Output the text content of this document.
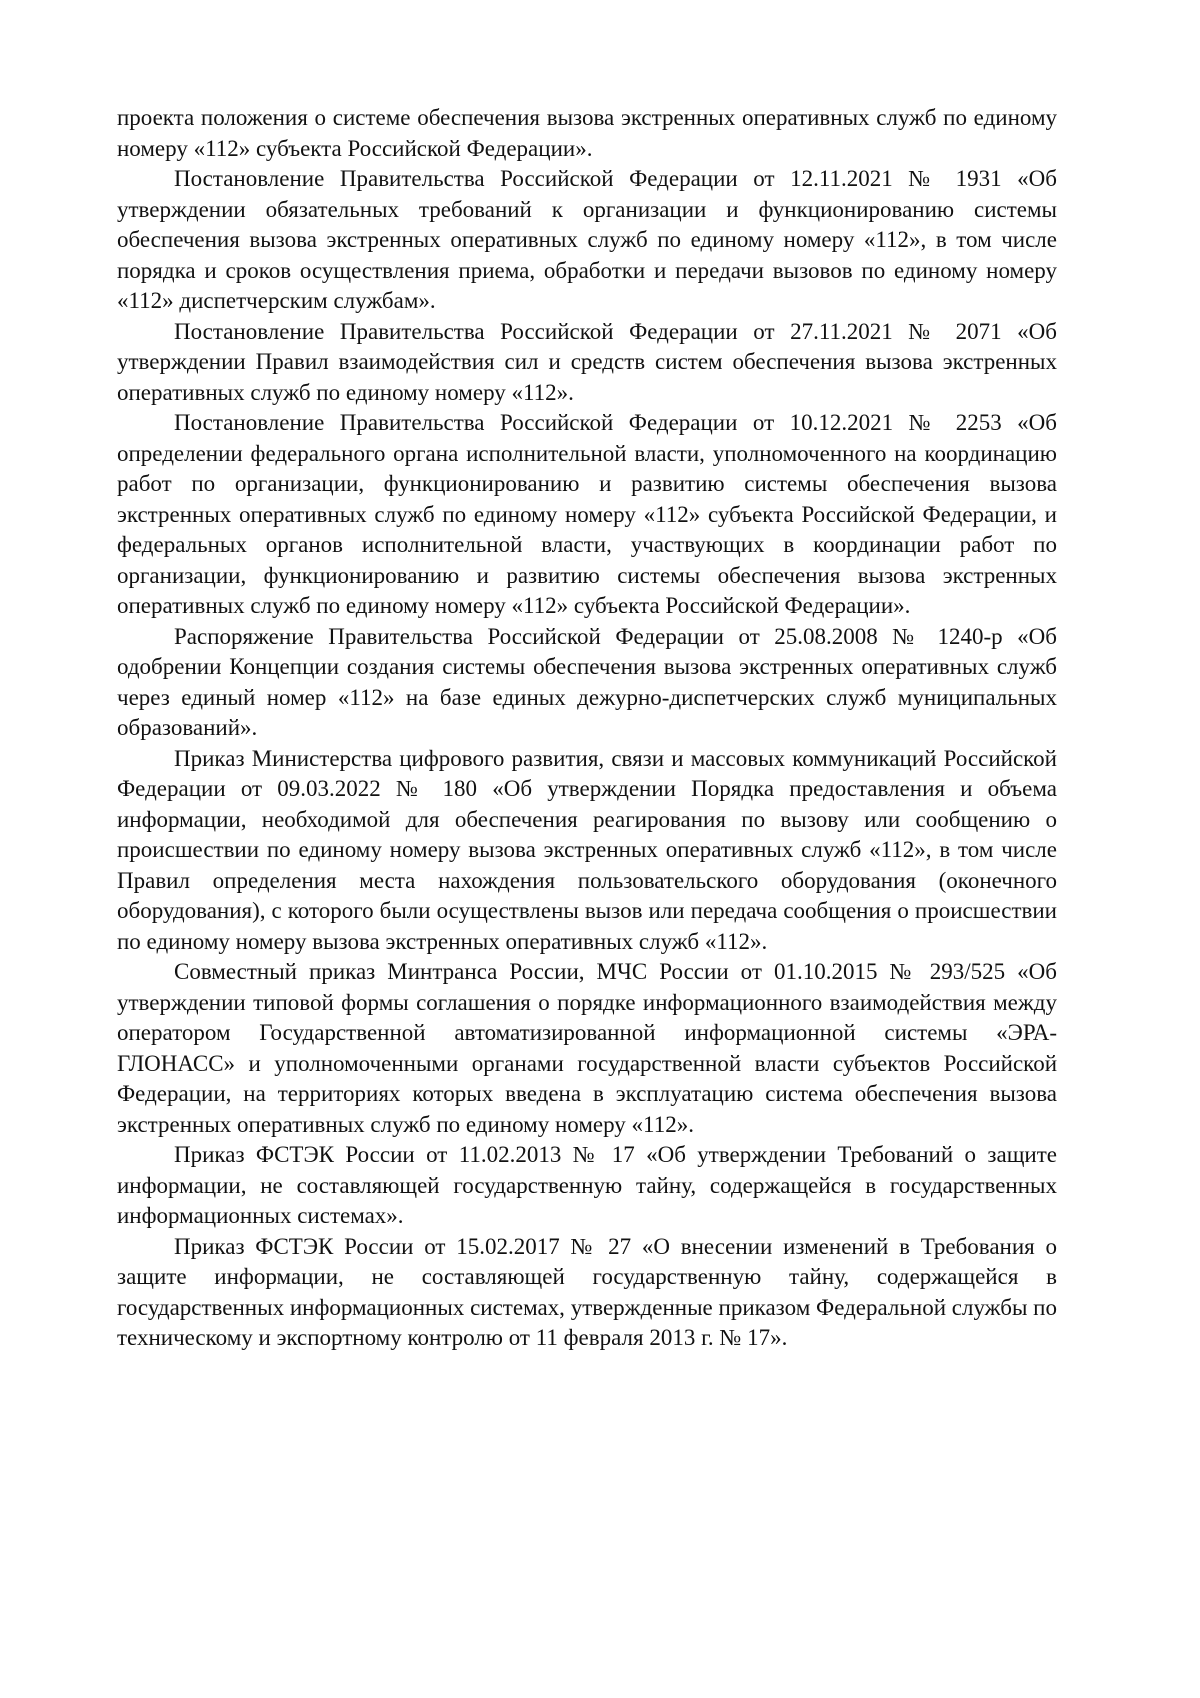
проекта положения о системе обеспечения вызова экстренных оперативных служб по единому номеру «112» субъекта Российской Федерации».

Постановление Правительства Российской Федерации от 12.11.2021 № 1931 «Об утверждении обязательных требований к организации и функционированию системы обеспечения вызова экстренных оперативных служб по единому номеру «112», в том числе порядка и сроков осуществления приема, обработки и передачи вызовов по единому номеру «112» диспетчерским службам».

Постановление Правительства Российской Федерации от 27.11.2021 № 2071 «Об утверждении Правил взаимодействия сил и средств систем обеспечения вызова экстренных оперативных служб по единому номеру «112».

Постановление Правительства Российской Федерации от 10.12.2021 № 2253 «Об определении федерального органа исполнительной власти, уполномоченного на координацию работ по организации, функционированию и развитию системы обеспечения вызова экстренных оперативных служб по единому номеру «112» субъекта Российской Федерации, и федеральных органов исполнительной власти, участвующих в координации работ по организации, функционированию и развитию системы обеспечения вызова экстренных оперативных служб по единому номеру «112» субъекта Российской Федерации».

Распоряжение Правительства Российской Федерации от 25.08.2008 № 1240-р «Об одобрении Концепции создания системы обеспечения вызова экстренных оперативных служб через единый номер «112» на базе единых дежурно-диспетчерских служб муниципальных образований».

Приказ Министерства цифрового развития, связи и массовых коммуникаций Российской Федерации от 09.03.2022 № 180 «Об утверждении Порядка предоставления и объема информации, необходимой для обеспечения реагирования по вызову или сообщению о происшествии по единому номеру вызова экстренных оперативных служб «112», в том числе Правил определения места нахождения пользовательского оборудования (оконечного оборудования), с которого были осуществлены вызов или передача сообщения о происшествии по единому номеру вызова экстренных оперативных служб «112».

Совместный приказ Минтранса России, МЧС России от 01.10.2015 № 293/525 «Об утверждении типовой формы соглашения о порядке информационного взаимодействия между оператором Государственной автоматизированной информационной системы «ЭРА-ГЛОНАСС» и уполномоченными органами государственной власти субъектов Российской Федерации, на территориях которых введена в эксплуатацию система обеспечения вызова экстренных оперативных служб по единому номеру «112».

Приказ ФСТЭК России от 11.02.2013 № 17 «Об утверждении Требований о защите информации, не составляющей государственную тайну, содержащейся в государственных информационных системах».

Приказ ФСТЭК России от 15.02.2017 № 27 «О внесении изменений в Требования о защите информации, не составляющей государственную тайну, содержащейся в государственных информационных системах, утвержденные приказом Федеральной службы по техническому и экспортному контролю от 11 февраля 2013 г. № 17».
